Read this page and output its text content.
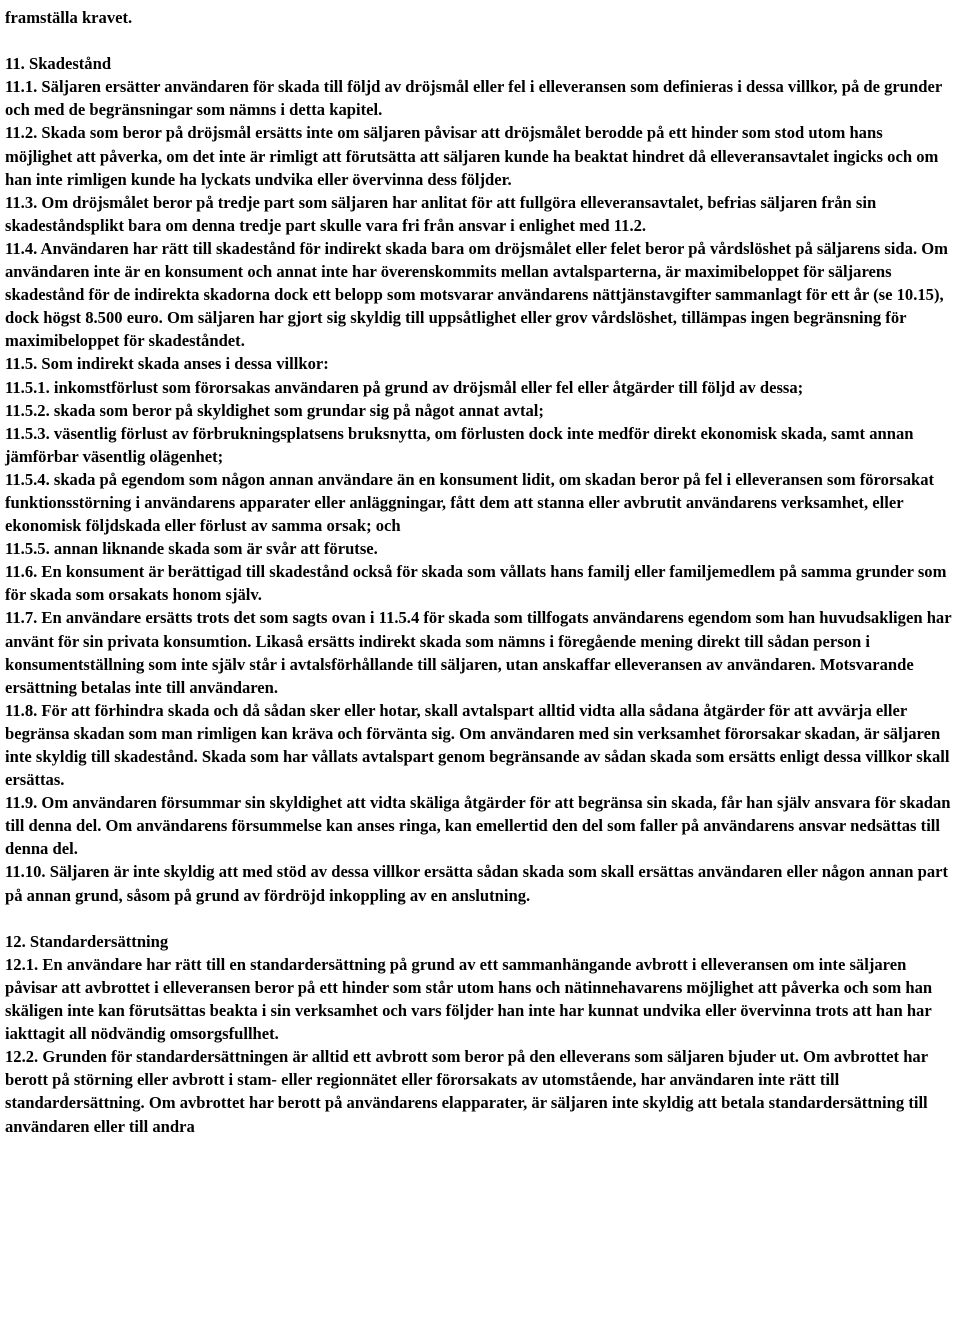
framställa kravet.

11. Skadestånd

11.1. Säljaren ersätter användaren för skada till följd av dröjsmål eller fel i elleveransen som definieras i dessa villkor, på de grunder och med de begränsningar som nämns i detta kapitel.

11.2. Skada som beror på dröjsmål ersätts inte om säljaren påvisar att dröjsmålet berodde på ett hinder som stod utom hans möjlighet att påverka, om det inte är rimligt att förutsätta att säljaren kunde ha beaktat hindret då elleveransavtalet ingicks och om han inte rimligen kunde ha lyckats undvika eller övervinna dess följder.

11.3. Om dröjsmålet beror på tredje part som säljaren har anlitat för att fullgöra elleveransavtalet, befrias säljaren från sin skadeståndsplikt bara om denna tredje part skulle vara fri från ansvar i enlighet med 11.2.

11.4. Användaren har rätt till skadestånd för indirekt skada bara om dröjsmålet eller felet beror på vårdslöshet på säljarens sida. Om användaren inte är en konsument och annat inte har överenskommits mellan avtalsparterna, är maximibeloppet för säljarens skadestånd för de indirekta skadorna dock ett belopp som motsvarar användarens nättjänstavgifter sammanlagt för ett år (se 10.15), dock högst 8.500 euro. Om säljaren har gjort sig skyldig till uppsåtlighet eller grov vårdslöshet, tillämpas ingen begränsning för maximibeloppet för skadeståndet.

11.5. Som indirekt skada anses i dessa villkor:

11.5.1. inkomstförlust som förorsakas användaren på grund av dröjsmål eller fel eller åtgärder till följd av dessa;

11.5.2. skada som beror på skyldighet som grundar sig på något annat avtal;

11.5.3. väsentlig förlust av förbrukningsplatsens bruksnytta, om förlusten dock inte medför direkt ekonomisk skada, samt annan jämförbar väsentlig olägenhet;

11.5.4. skada på egendom som någon annan användare än en konsument lidit, om skadan beror på fel i elleveransen som förorsakat funktionsstörning i användarens apparater eller anläggningar, fått dem att stanna eller avbrutit användarens verksamhet, eller ekonomisk följdskada eller förlust av samma orsak; och

11.5.5. annan liknande skada som är svår att förutse.

11.6. En konsument är berättigad till skadestånd också för skada som vållats hans familj eller familjemedlem på samma grunder som för skada som orsakats honom själv.

11.7. En användare ersätts trots det som sagts ovan i 11.5.4 för skada som tillfogats användarens egendom som han huvudsakligen har använt för sin privata konsumtion. Likaså ersätts indirekt skada som nämns i föregående mening direkt till sådan person i konsumentställning som inte själv står i avtalsförhållande till säljaren, utan anskaffar elleveransen av användaren. Motsvarande ersättning betalas inte till användaren.

11.8. För att förhindra skada och då sådan sker eller hotar, skall avtalspart alltid vidta alla sådana åtgärder för att avvärja eller begränsa skadan som man rimligen kan kräva och förvänta sig. Om användaren med sin verksamhet förorsakar skadan, är säljaren inte skyldig till skadestånd. Skada som har vållats avtalspart genom begränsande av sådan skada som ersätts enligt dessa villkor skall ersättas.

11.9. Om användaren försummar sin skyldighet att vidta skäliga åtgärder för att begränsa sin skada, får han själv ansvara för skadan till denna del. Om användarens försummelse kan anses ringa, kan emellertid den del som faller på användarens ansvar nedsättas till denna del.

11.10. Säljaren är inte skyldig att med stöd av dessa villkor ersätta sådan skada som skall ersättas användaren eller någon annan part på annan grund, såsom på grund av fördröjd inkoppling av en anslutning.

12. Standardersättning

12.1. En användare har rätt till en standardersättning på grund av ett sammanhängande avbrott i elleveransen om inte säljaren påvisar att avbrottet i elleveransen beror på ett hinder som står utom hans och nätinnehavarens möjlighet att påverka och som han skäligen inte kan förutsättas beakta i sin verksamhet och vars följder han inte har kunnat undvika eller övervinna trots att han har iakttagit all nödvändig omsorgsfullhet.

12.2. Grunden för standardersättningen är alltid ett avbrott som beror på den elleverans som säljaren bjuder ut. Om avbrottet har berott på störning eller avbrott i stam- eller regionnätet eller förorsakats av utomstående, har användaren inte rätt till standardersättning. Om avbrottet har berott på användarens elapparater, är säljaren inte skyldig att betala standardersättning till användaren eller till andra
